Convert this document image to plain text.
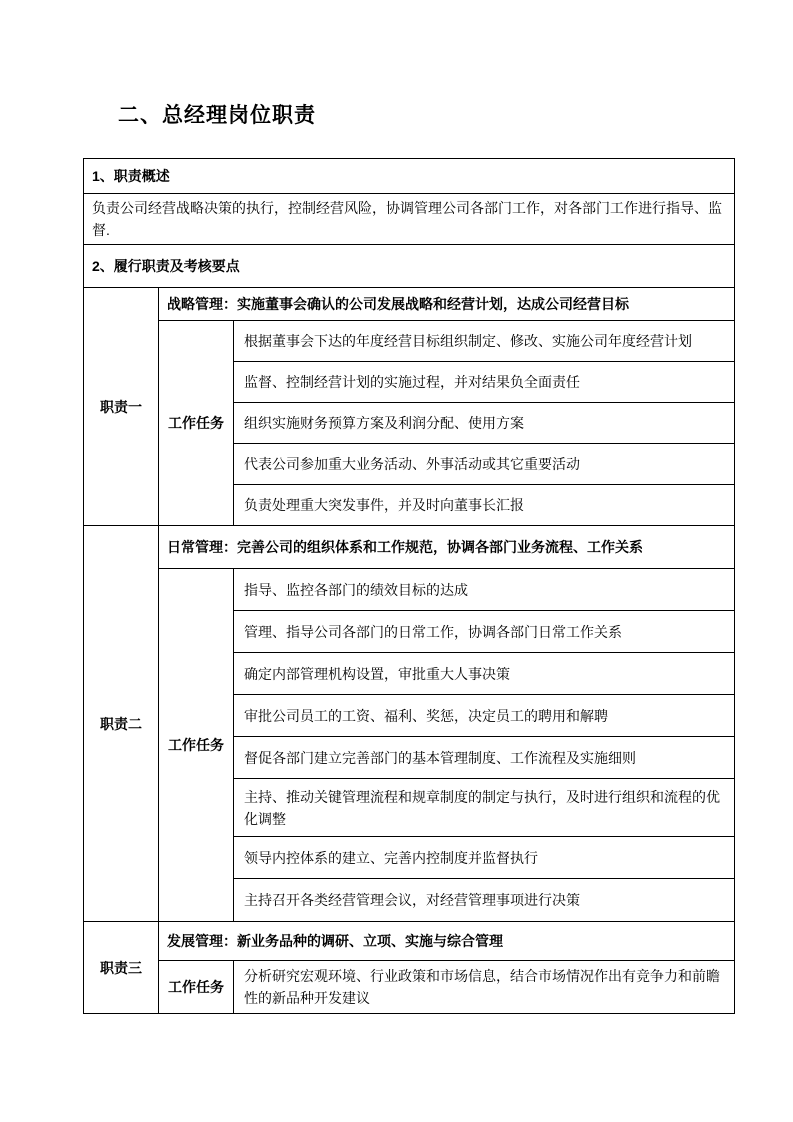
二、总经理岗位职责
1、职责概述		
负责公司经营战略决策的执行，控制经营风险，协调管理公司各部门工作，对各部门工作进行指导、监督.		
2、履行职责及考核要点		
职责一	战略管理：实施董事会确认的公司发展战略和经营计划，达成公司经营目标	
	工作任务	根据董事会下达的年度经营目标组织制定、修改、实施公司年度经营计划
		监督、控制经营计划的实施过程，并对结果负全面责任
		组织实施财务预算方案及利润分配、使用方案
		代表公司参加重大业务活动、外事活动或其它重要活动
		负责处理重大突发事件，并及时向董事长汇报
职责二	日常管理：完善公司的组织体系和工作规范，协调各部门业务流程、工作关系	
	工作任务	指导、监控各部门的绩效目标的达成
		管理、指导公司各部门的日常工作，协调各部门日常工作关系
		确定内部管理机构设置，审批重大人事决策
		审批公司员工的工资、福利、奖惩，决定员工的聘用和解聘
		督促各部门建立完善部门的基本管理制度、工作流程及实施细则
		主持、推动关键管理流程和规章制度的制定与执行，及时进行组织和流程的优化调整
		领导内控体系的建立、完善内控制度并监督执行
		主持召开各类经营管理会议，对经营管理事项进行决策
职责三	发展管理：新业务品种的调研、立项、实施与综合管理	
	工作任务	分析研究宏观环境、行业政策和市场信息，结合市场情况作出有竞争力和前瞻性的新品种开发建议
